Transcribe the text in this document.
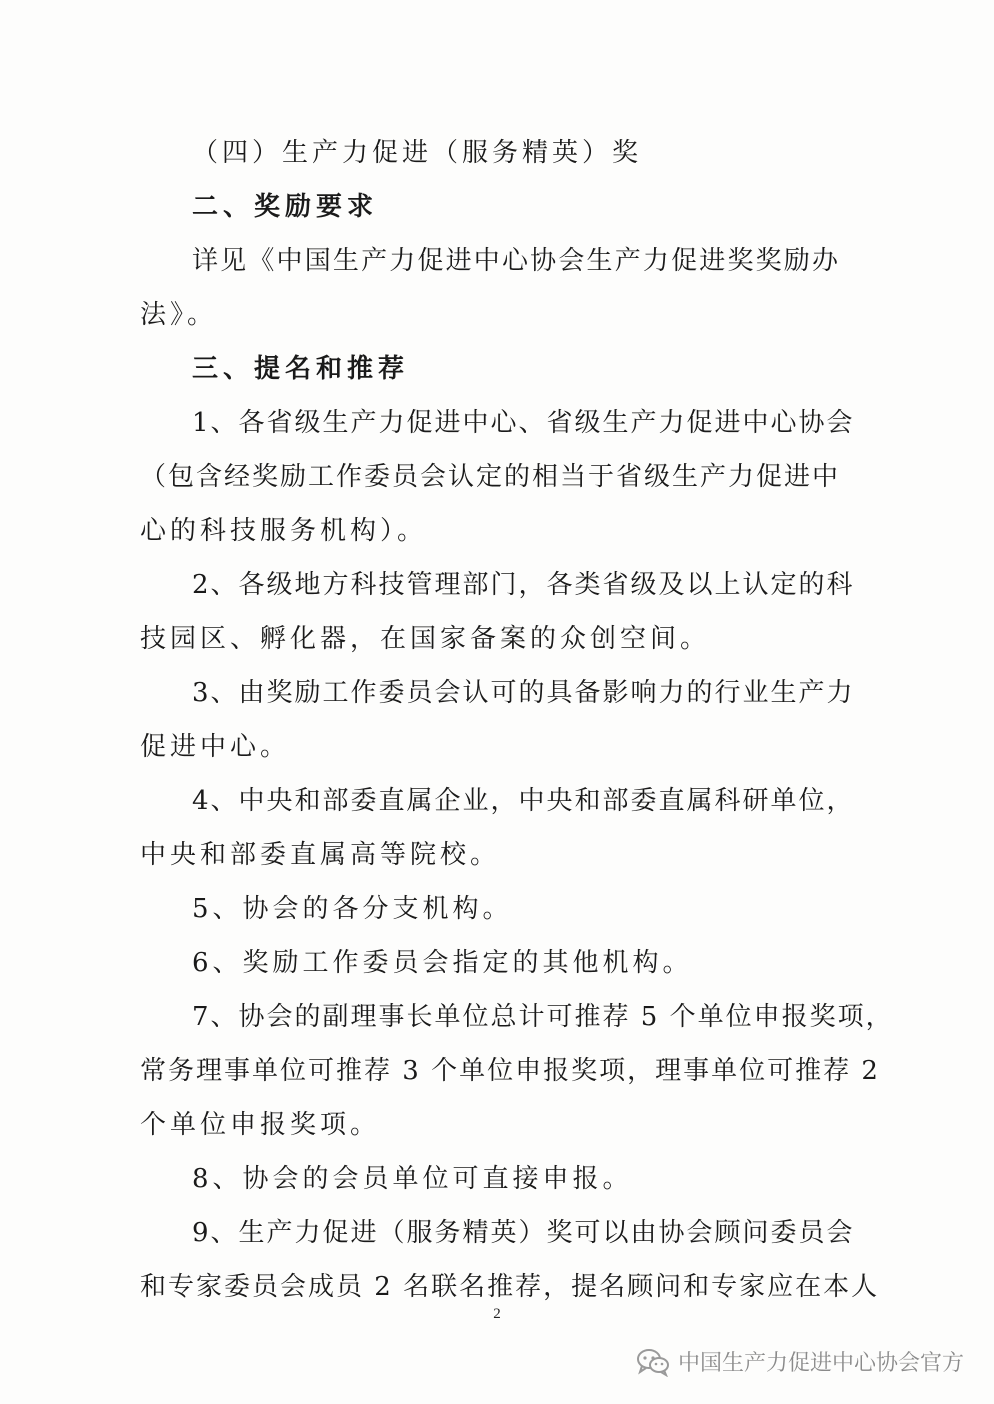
（四）生产力促进（服务精英）奖
二、奖励要求
详见《中国生产力促进中心协会生产力促进奖奖励办
法》。
三、提名和推荐
1、各省级生产力促进中心、省级生产力促进中心协会
（包含经奖励工作委员会认定的相当于省级生产力促进中
心的科技服务机构）。
2、各级地方科技管理部门，各类省级及以上认定的科
技园区、孵化器，在国家备案的众创空间。
3、由奖励工作委员会认可的具备影响力的行业生产力
促进中心。
4、中央和部委直属企业，中央和部委直属科研单位，
中央和部委直属高等院校。
5、协会的各分支机构。
6、奖励工作委员会指定的其他机构。
7、协会的副理事长单位总计可推荐 5 个单位申报奖项，
常务理事单位可推荐 3 个单位申报奖项，理事单位可推荐 2
个单位申报奖项。
8、协会的会员单位可直接申报。
9、生产力促进（服务精英）奖可以由协会顾问委员会
和专家委员会成员 2 名联名推荐，提名顾问和专家应在本人
2
中国生产力促进中心协会官方
